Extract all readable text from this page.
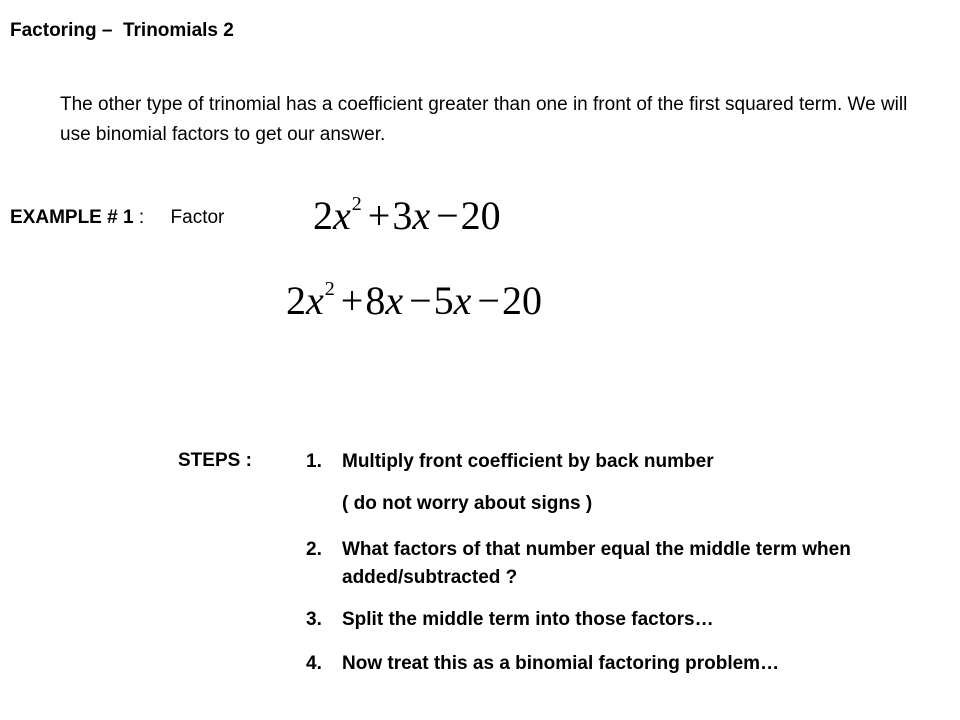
Factoring –  Trinomials 2
The other type of trinomial has a coefficient greater than one in front of the first squared term. We will use binomial factors to get our answer.
EXAMPLE # 1 : Factor $2x^2 +3x -20$
$2x^2 +8x -5x -20$
STEPS :	1.	Multiply front coefficient by back number
( do not worry about signs )
2.	What factors of that number equal the middle term when added/subtracted ?
3.	Split the middle term into those factors…
4.	Now treat this as a binomial factoring problem…
